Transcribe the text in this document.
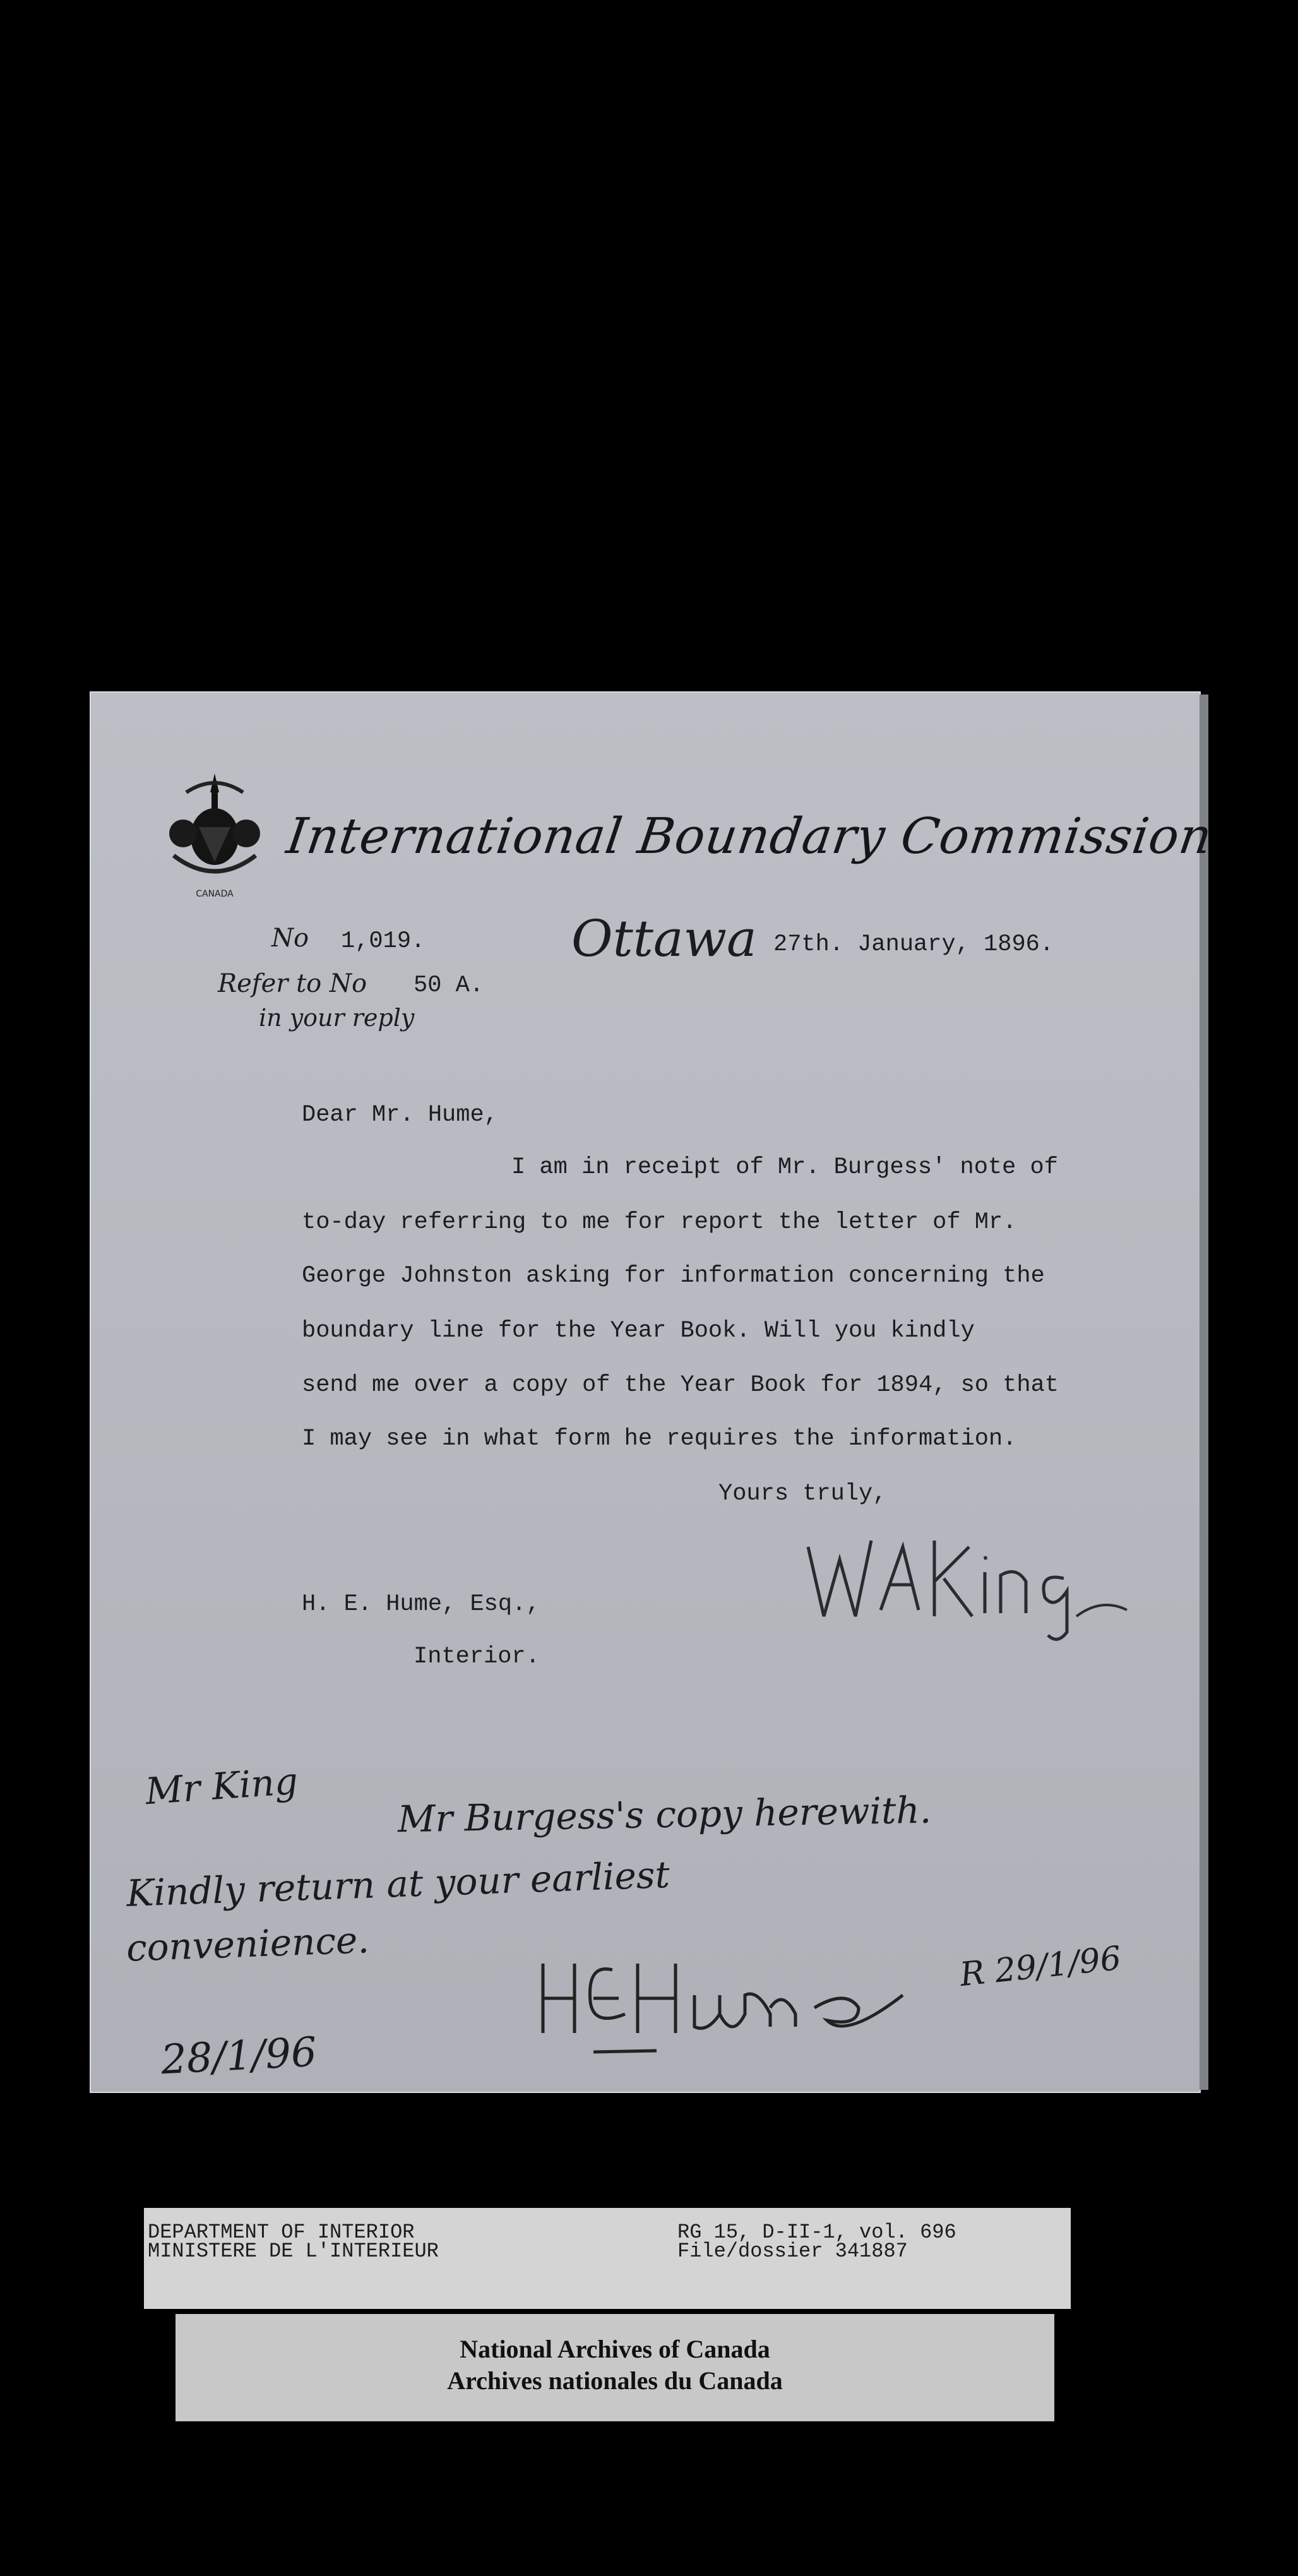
CANADA
International Boundary Commission
No 1,019.	Ottawa 27th. January, 1896.
Refer to No 50 A.
in your reply
Dear Mr. Hume,
I am in receipt of Mr. Burgess' note of
to-day referring to me for report the letter of Mr.
George Johnston asking for information concerning the
boundary line for the Year Book. Will you kindly
send me over a copy of the Year Book for 1894, so that
I may see in what form he requires the information.
Yours truly,
H. E. Hume, Esq.,
Interior.
Mr King
Mr Burgess's copy herewith.
Kindly return at your earliest
convenience.	R 29/1/96
28/1/96
DEPARTMENT OF INTERIOR
MINISTERE DE L'INTERIEUR
RG 15, D-II-1, vol. 696
File/dossier 341887
National Archives of Canada
Archives nationales du Canada
